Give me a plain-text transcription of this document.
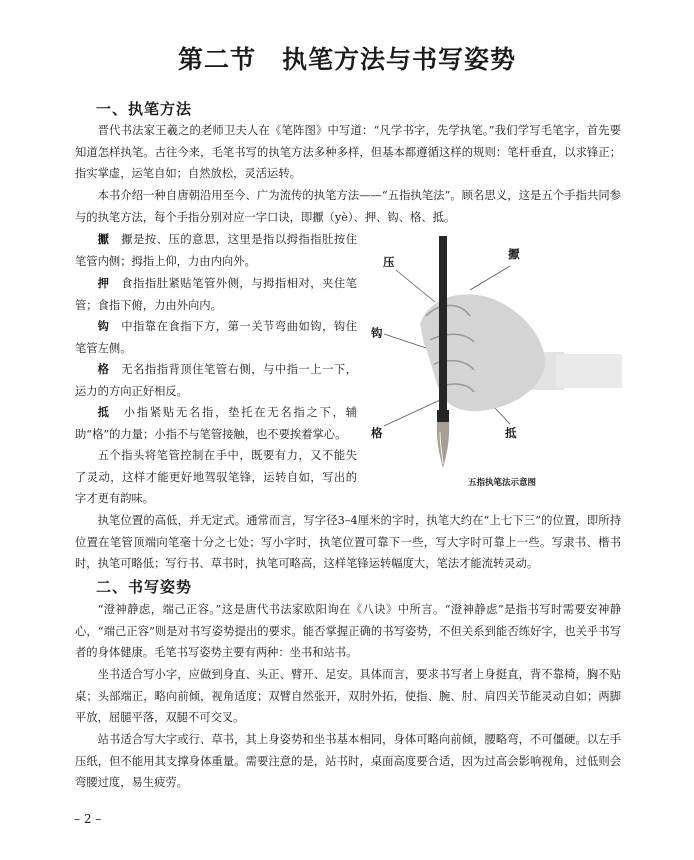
第二节　执笔方法与书写姿势
一、执笔方法

晋代书法家王羲之的老师卫夫人在《笔阵图》中写道：“凡学书字，先学执笔。”我们学写毛笔字，首先要知道怎样执笔。古往今来，毛笔书写的执笔方法多种多样，但基本都遵循这样的规则：笔杆垂直，以求锋正；指实掌虚，运笔自如；自然放松，灵活运转。

本书介绍一种自唐朝沿用至今、广为流传的执笔方法——“五指执笔法”。顾名思义，这是五个手指共同参与的执笔方法，每个手指分别对应一字口诀，即擫（yè）、押、钩、格、抵。

擫　 擫是按、压的意思，这里是指以拇指指肚按住笔管内侧；拇指上仰，力由内向外。

押　 食指指肚紧贴笔管外侧，与拇指相对，夹住笔管；食指下俯，力由外向内。

钩　 中指靠在食指下方，第一关节弯曲如钩，钩住笔管左侧。

格　 无名指指背顶住笔管右侧，与中指一上一下，运力的方向正好相反。

抵　 小指紧贴无名指，垫托在无名指之下，辅助“格”的力量；小指不与笔管接触，也不要挨着掌心。

五个指头将笔管控制在手中，既要有力，又不能失了灵动，这样才能更好地驾驭笔锋，运转自如，写出的字才更有韵味。

压
擫
钩
格	抵
五指执笔法示意图

执笔位置的高低，并无定式。通常而言，写字径3–4厘米的字时，执笔大约在“上七下三”的位置，即所持位置在笔管顶端向笔毫十分之七处；写小字时，执笔位置可靠下一些，写大字时可靠上一些。写隶书、楷书时，执笔可略低；写行书、草书时，执笔可略高，这样笔锋运转幅度大，笔法才能流转灵动。

二、书写姿势

“澄神静虑，端己正容。”这是唐代书法家欧阳询在《八诀》中所言。“澄神静虑”是指书写时需要安神静心，“端己正容”则是对书写姿势提出的要求。能否掌握正确的书写姿势，不但关系到能否练好字，也关乎书写者的身体健康。毛笔书写姿势主要有两种：坐书和站书。

坐书适合写小字，应做到身直、头正、臂开、足安。具体而言，要求书写者上身挺直，背不靠椅，胸不贴桌；头部端正，略向前倾，视角适度；双臂自然张开，双肘外拓，使指、腕、肘、肩四关节能灵动自如；两脚平放，屈腿平落，双腿不可交叉。

站书适合写大字或行、草书，其上身姿势和坐书基本相同，身体可略向前倾，腰略弯，不可僵硬。以左手压纸，但不能用其支撑身体重量。需要注意的是，站书时，桌面高度要合适，因为过高会影响视角，过低则会弯腰过度，易生疲劳。

– 2 –
